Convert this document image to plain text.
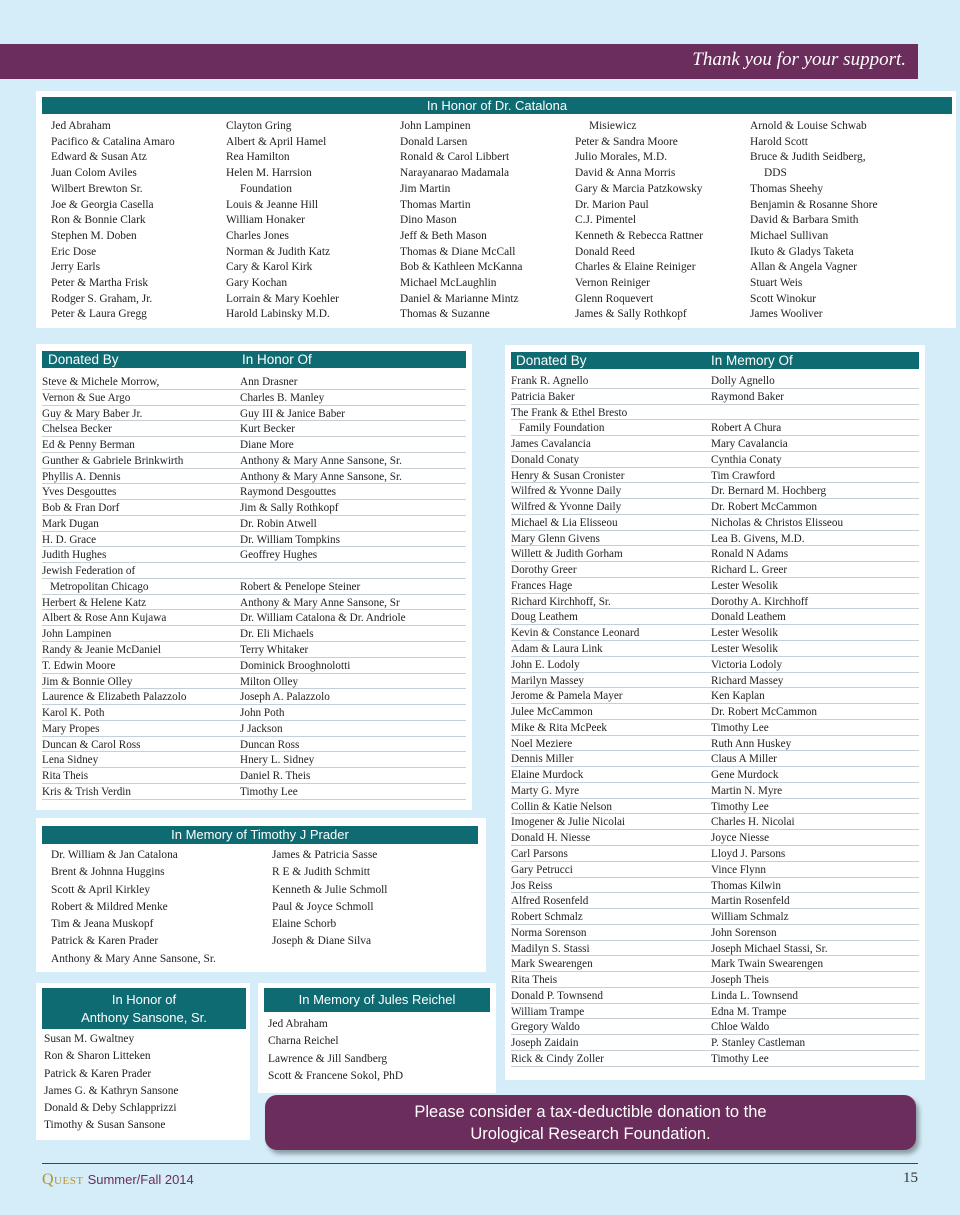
Thank you for your support.
In Honor of Dr. Catalona
Jed Abraham
Pacifico & Catalina Amaro
Edward & Susan Atz
Juan Colom Aviles
Wilbert Brewton Sr.
Joe & Georgia Casella
Ron & Bonnie Clark
Stephen M. Doben
Eric Dose
Jerry Earls
Peter & Martha Frisk
Rodger S. Graham, Jr.
Peter & Laura Gregg
Clayton Gring
Albert & April Hamel
Rea Hamilton
Helen M. Harrsion
Foundation
Louis & Jeanne Hill
William Honaker
Charles Jones
Norman & Judith Katz
Cary & Karol Kirk
Gary Kochan
Lorrain & Mary Koehler
Harold Labinsky M.D.
John Lampinen
Donald Larsen
Ronald & Carol Libbert
Narayanarao Madamala
Jim Martin
Thomas Martin
Dino Mason
Jeff & Beth Mason
Thomas & Diane McCall
Bob & Kathleen McKanna
Michael McLaughlin
Daniel & Marianne Mintz
Thomas & Suzanne
Misiewicz
Peter & Sandra Moore
Julio Morales, M.D.
David & Anna Morris
Gary & Marcia Patzkowsky
Dr. Marion Paul
C.J. Pimentel
Kenneth & Rebecca Rattner
Donald Reed
Charles & Elaine Reiniger
Vernon Reiniger
Glenn Roquevert
James & Sally Rothkopf
Arnold & Louise Schwab
Harold Scott
Bruce & Judith Seidberg,
DDS
Thomas Sheehy
Benjamin & Rosanne Shore
David & Barbara Smith
Michael Sullivan
Ikuto & Gladys Taketa
Allan & Angela Vagner
Stuart Weis
Scott Winokur
James Wooliver
Donated By	In Honor Of
Steve & Michele Morrow,	Ann Drasner
Vernon & Sue Argo	Charles B. Manley
Guy & Mary Baber Jr.	Guy III & Janice Baber
Chelsea Becker	Kurt Becker
Ed & Penny Berman	Diane More
Gunther & Gabriele Brinkwirth	Anthony & Mary Anne Sansone, Sr.
Phyllis A. Dennis	Anthony & Mary Anne Sansone, Sr.
Yves Desgouttes	Raymond Desgouttes
Bob & Fran Dorf	Jim & Sally Rothkopf
Mark Dugan	Dr. Robin Atwell
H. D. Grace	Dr. William Tompkins
Judith Hughes	Geoffrey Hughes
Jewish Federation of
Metropolitan Chicago	Robert & Penelope Steiner
Herbert & Helene Katz	Anthony & Mary Anne Sansone, Sr
Albert & Rose Ann Kujawa	Dr. William Catalona & Dr. Andriole
John Lampinen	Dr. Eli Michaels
Randy & Jeanie McDaniel	Terry Whitaker
T. Edwin Moore	Dominick Brooghnolotti
Jim & Bonnie Olley	Milton Olley
Laurence & Elizabeth Palazzolo	Joseph A. Palazzolo
Karol K. Poth	John Poth
Mary Propes	J Jackson
Duncan & Carol Ross	Duncan Ross
Lena Sidney	Hnery L. Sidney
Rita Theis	Daniel R. Theis
Kris & Trish Verdin	Timothy Lee
Donated By	In Memory Of
Frank R. Agnello	Dolly Agnello
Patricia Baker	Raymond Baker
The Frank & Ethel Bresto
Family Foundation	Robert A Chura
James Cavalancia	Mary Cavalancia
Donald Conaty	Cynthia Conaty
Henry & Susan Cronister	Tim Crawford
Wilfred & Yvonne Daily	Dr. Bernard M. Hochberg
Wilfred & Yvonne Daily	Dr. Robert McCammon
Michael & Lia Elisseou	Nicholas & Christos Elisseou
Mary Glenn Givens	Lea B. Givens, M.D.
Willett & Judith Gorham	Ronald N Adams
Dorothy Greer	Richard L. Greer
Frances Hage	Lester Wesolik
Richard Kirchhoff, Sr.	Dorothy A. Kirchhoff
Doug Leathem	Donald Leathem
Kevin & Constance Leonard	Lester Wesolik
Adam & Laura Link	Lester Wesolik
John E. Lodoly	Victoria Lodoly
Marilyn Massey	Richard Massey
Jerome & Pamela Mayer	Ken Kaplan
Julee McCammon	Dr. Robert McCammon
Mike & Rita McPeek	Timothy Lee
Noel Meziere	Ruth Ann Huskey
Dennis Miller	Claus A Miller
Elaine Murdock	Gene Murdock
Marty G. Myre	Martin N. Myre
Collin & Katie Nelson	Timothy Lee
Imogener & Julie Nicolai	Charles H. Nicolai
Donald H. Niesse	Joyce Niesse
Carl Parsons	Lloyd J. Parsons
Gary Petrucci	Vince Flynn
Jos Reiss	Thomas Kilwin
Alfred Rosenfeld	Martin Rosenfeld
Robert Schmalz	William Schmalz
Norma Sorenson	John Sorenson
Madilyn S. Stassi	Joseph Michael Stassi, Sr.
Mark Swearengen	Mark Twain Swearengen
Rita Theis	Joseph Theis
Donald P. Townsend	Linda L. Townsend
William Trampe	Edna M. Trampe
Gregory Waldo	Chloe Waldo
Joseph Zaidain	P. Stanley Castleman
Rick & Cindy Zoller	Timothy Lee
In Memory of Timothy J Prader
Dr. William & Jan Catalona
Brent & Johnna Huggins
Scott & April Kirkley
Robert & Mildred Menke
Tim & Jeana Muskopf
Patrick & Karen Prader
Anthony & Mary Anne Sansone, Sr.
James & Patricia Sasse
R E & Judith Schmitt
Kenneth & Julie Schmoll
Paul & Joyce Schmoll
Elaine Schorb
Joseph & Diane Silva
In Honor of
Anthony Sansone, Sr.
Susan M. Gwaltney
Ron & Sharon Litteken
Patrick & Karen Prader
James G. & Kathryn Sansone
Donald & Deby Schlapprizzi
Timothy & Susan Sansone
In Memory of Jules Reichel
Jed Abraham
Charna Reichel
Lawrence & Jill Sandberg
Scott & Francene Sokol, PhD
Please consider a tax-deductible donation to the
Urological Research Foundation.
Quest Summer/Fall 2014	15
